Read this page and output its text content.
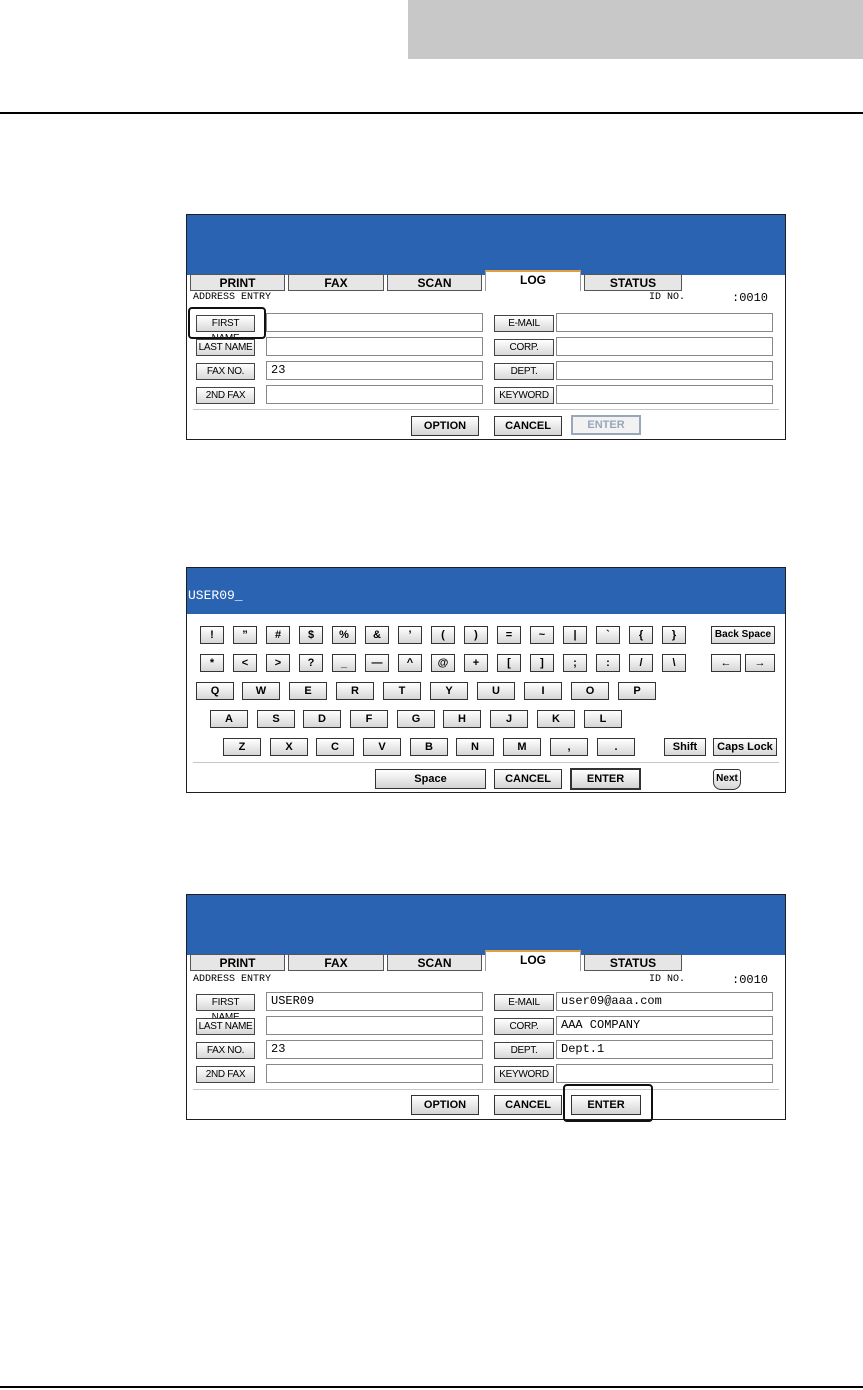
PRINT	FAX	SCAN	LOG	STATUS
ADDRESS ENTRY	ID NO.	:0010
FIRST
LAST NAME
FAX NO.	23
2ND FAX
E-MAIL
CORP.
DEPT.
KEYWORD
OPTION	CANCEL	ENTER
USER09_
!	”	#	$	%	&	’	(	)	=	~	|	`	{	}	Back Space
*	<	>	?	_	—	^	@	+	[	]	;	:	/	\	←	→
Q	W	E	R	T	Y	U	I	O	P
A	S	D	F	G	H	J	K	L
Z	X	C	V	B	N	M	,	.	Shift	Caps Lock
Space	CANCEL	ENTER	Next
PRINT	FAX	SCAN	LOG	STATUS
ADDRESS ENTRY	ID NO.	:0010
FIRST	USER09
LAST NAME
FAX NO.	23
2ND FAX
E-MAIL	user09@aaa.com
CORP.	AAA COMPANY
DEPT.	Dept.1
KEYWORD
OPTION	CANCEL	ENTER
